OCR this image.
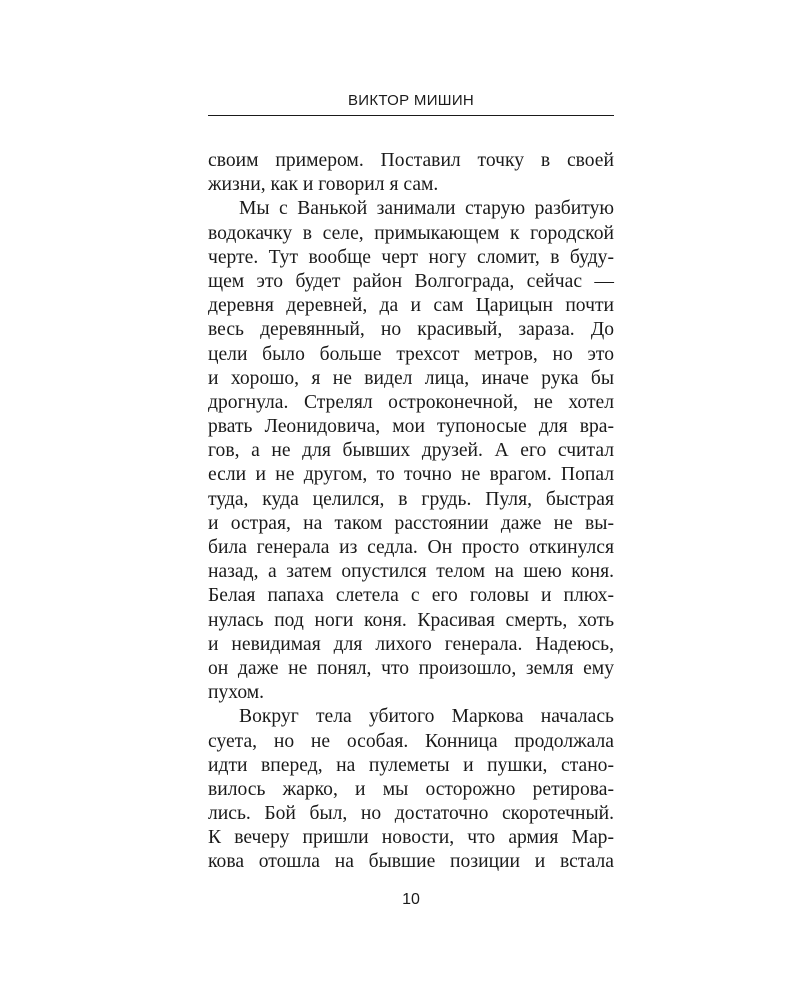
ВИКТОР МИШИН
своим примером. Поставил точку в своей
жизни, как и говорил я сам.
Мы с Ванькой занимали старую разбитую
водокачку в селе, примыкающем к городской
черте. Тут вообще черт ногу сломит, в буду-
щем это будет район Волгограда, сейчас —
деревня деревней, да и сам Царицын почти
весь деревянный, но красивый, зараза. До
цели было больше трехсот метров, но это
и хорошо, я не видел лица, иначе рука бы
дрогнула. Стрелял остроконечной, не хотел
рвать Леонидовича, мои тупоносые для вра-
гов, а не для бывших друзей. А его считал
если и не другом, то точно не врагом. Попал
туда, куда целился, в грудь. Пуля, быстрая
и острая, на таком расстоянии даже не вы-
била генерала из седла. Он просто откинулся
назад, а затем опустился телом на шею коня.
Белая папаха слетела с его головы и плюх-
нулась под ноги коня. Красивая смерть, хоть
и невидимая для лихого генерала. Надеюсь,
он даже не понял, что произошло, земля ему
пухом.
Вокруг тела убитого Маркова началась
суета, но не особая. Конница продолжала
идти вперед, на пулеметы и пушки, стано-
вилось жарко, и мы осторожно ретирова-
лись. Бой был, но достаточно скоротечный.
К вечеру пришли новости, что армия Мар-
кова отошла на бывшие позиции и встала
10
